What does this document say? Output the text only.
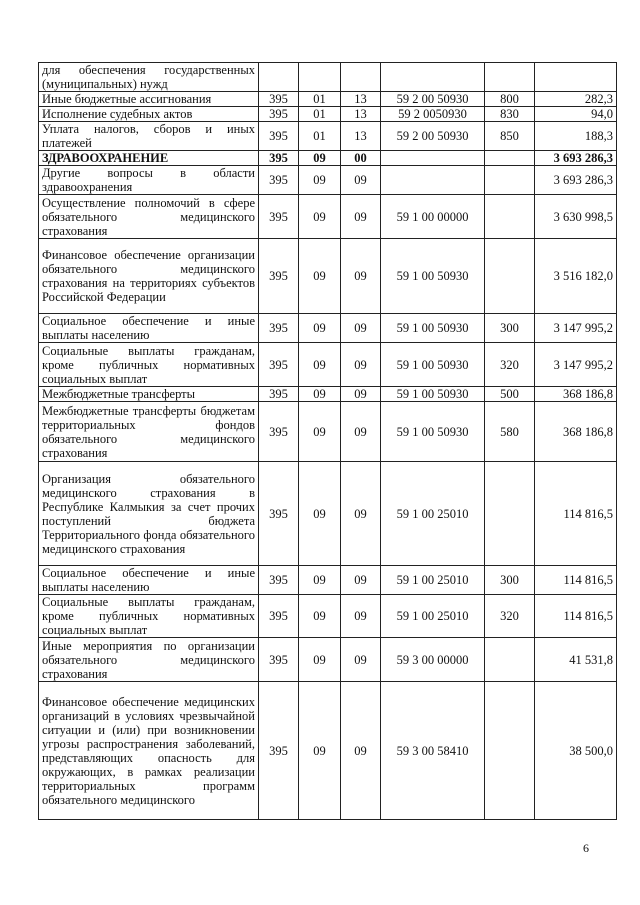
для обеспечения государственных (муниципальных) нужд						
Иные бюджетные ассигнования	395	01	13	59 2 00 50930	800	282,3
Исполнение судебных актов	395	01	13	59 2 0050930	830	94,0
Уплата налогов, сборов и иных платежей	395	01	13	59 2 00 50930	850	188,3
ЗДРАВООХРАНЕНИЕ	395	09	00			3 693 286,3
Другие вопросы в области здравоохранения	395	09	09			3 693 286,3
Осуществление полномочий в сфере обязательного медицинского страхования	395	09	09	59 1 00 00000		3 630 998,5
Финансовое обеспечение организации обязательного медицинского страхования на территориях субъектов Российской Федерации	395	09	09	59 1 00 50930		3 516 182,0
Социальное обеспечение и иные выплаты населению	395	09	09	59 1 00 50930	300	3 147 995,2
Социальные выплаты гражданам, кроме публичных нормативных социальных выплат	395	09	09	59 1 00 50930	320	3 147 995,2
Межбюджетные трансферты	395	09	09	59 1 00 50930	500	368 186,8
Межбюджетные трансферты бюджетам территориальных фондов обязательного медицинского страхования	395	09	09	59 1 00 50930	580	368 186,8
Организация обязательного медицинского страхования в Республике Калмыкия за счет прочих поступлений бюджета Территориального фонда обязательного медицинского страхования	395	09	09	59 1 00 25010		114 816,5
Социальное обеспечение и иные выплаты населению	395	09	09	59 1 00 25010	300	114 816,5
Социальные выплаты гражданам, кроме публичных нормативных социальных выплат	395	09	09	59 1 00 25010	320	114 816,5
Иные мероприятия по организации обязательного медицинского страхования	395	09	09	59 3 00 00000		41 531,8
Финансовое обеспечение медицинских организаций в условиях чрезвычайной ситуации и (или) при возникновении угрозы распространения заболеваний, представляющих опасность для окружающих, в рамках реализации территориальных программ обязательного медицинского	395	09	09	59 3 00 58410		38 500,0
6
